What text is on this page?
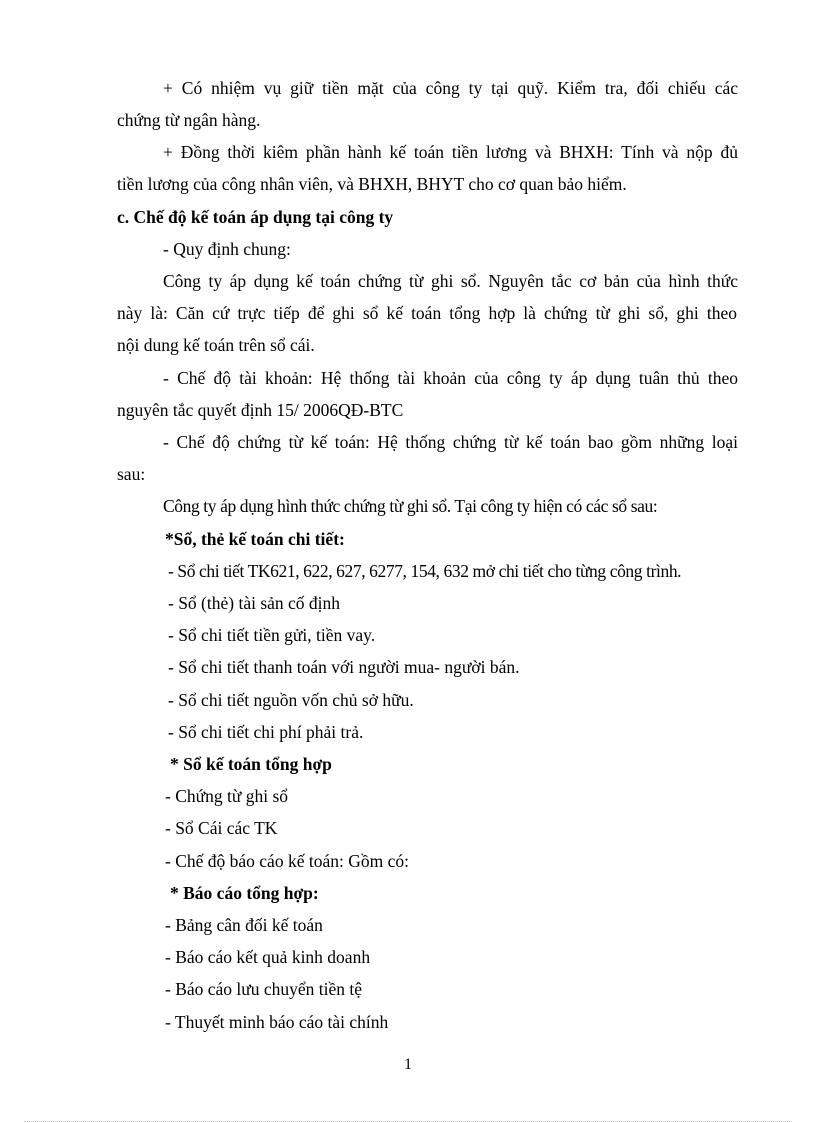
+ Có nhiệm vụ giữ tiền mặt của công ty tại quỹ. Kiểm tra, đối chiếu các
chứng từ ngân hàng.
+ Đồng thời kiêm phần hành kế toán tiền lương và BHXH: Tính và nộp đủ
tiền lương của công nhân viên, và BHXH, BHYT cho cơ quan bảo hiểm.
c. Chế độ kế toán áp dụng tại công ty
- Quy định chung:
Công ty áp dụng kế toán chứng từ ghi sổ. Nguyên tắc cơ bản của hình thức
này là: Căn cứ trực tiếp để ghi sổ kế toán tổng hợp là chứng từ ghi sổ, ghi theo
nội dung kế toán trên sổ cái.
- Chế độ tài khoản: Hệ thống tài khoản của công ty áp dụng tuân thủ theo
nguyên tắc quyết định 15/ 2006QĐ-BTC
- Chế độ chứng từ kế toán: Hệ thống chứng từ kế toán bao gồm những loại
sau:
Công ty áp dụng hình thức chứng từ ghi sổ. Tại công ty hiện có các sổ sau:
*Sổ, thẻ kế toán chi tiết:
- Sổ chi tiết TK621, 622, 627, 6277, 154, 632 mở chi tiết cho từng công trình.
- Sổ (thẻ) tài sản cố định
- Sổ chi tiết tiền gửi, tiền vay.
- Sổ chi tiết thanh toán với người mua- người bán.
- Sổ chi tiết nguồn vốn chủ sở hữu.
- Sổ chi tiết chi phí phải trả.
* Sổ kế toán tổng hợp
- Chứng từ ghi sổ
- Sổ Cái các TK
- Chế độ báo cáo kế toán: Gồm có:
* Báo cáo tổng hợp:
- Bảng cân đối kế toán
- Báo cáo kết quả kinh doanh
- Báo cáo lưu chuyển tiền tệ
- Thuyết minh báo cáo tài chính
1
